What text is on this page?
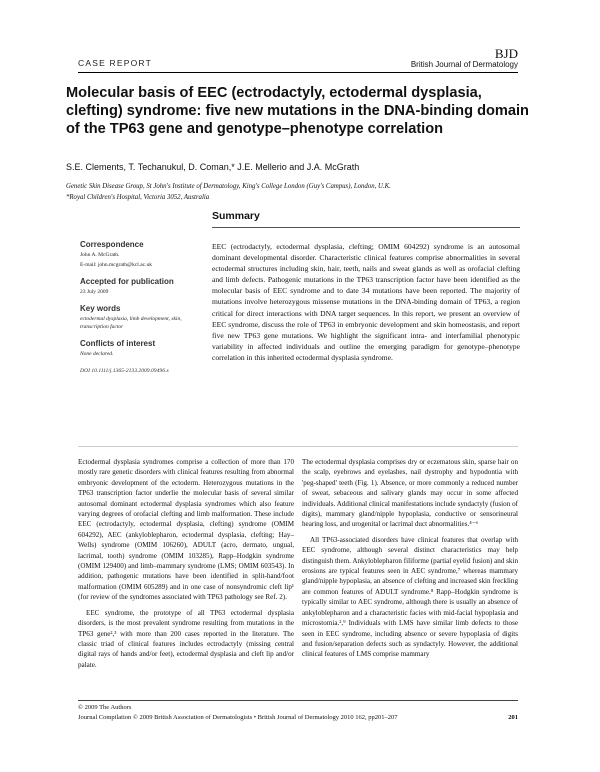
CASE REPORT
BJD
British Journal of Dermatology
Molecular basis of EEC (ectrodactyly, ectodermal dysplasia, clefting) syndrome: five new mutations in the DNA-binding domain of the TP63 gene and genotype–phenotype correlation
S.E. Clements, T. Techanukul, D. Coman,* J.E. Mellerio and J.A. McGrath
Genetic Skin Disease Group, St John's Institute of Dermatology, King's College London (Guy's Campus), London, U.K.
*Royal Children's Hospital, Victoria 3052, Australia
Summary
Correspondence
John A. McGrath.
E-mail: john.mcgrath@kcl.ac.uk
Accepted for publication
23 July 2009
Key words
ectodermal dysplasia, limb development, skin, transcription factor
Conflicts of interest
None declared.
DOI 10.1111/j.1365-2133.2009.09496.x

EEC (ectrodactyly, ectodermal dysplasia, clefting; OMIM 604292) syndrome is an autosomal dominant developmental disorder. Characteristic clinical features comprise abnormalities in several ectodermal structures including skin, hair, teeth, nails and sweat glands as well as orofacial clefting and limb defects. Pathogenic mutations in the TP63 transcription factor have been identified as the molecular basis of EEC syndrome and to date 34 mutations have been reported. The majority of mutations involve heterozygous missense mutations in the DNA-binding domain of TP63, a region critical for direct interactions with DNA target sequences. In this report, we present an overview of EEC syndrome, discuss the role of TP63 in embryonic development and skin homeostasis, and report five new TP63 gene mutations. We highlight the significant intra- and interfamilial phenotypic variability in affected individuals and outline the emerging paradigm for genotype–phenotype correlation in this inherited ectodermal dysplasia syndrome.

Ectodermal dysplasia syndromes comprise a collection of more than 170 mostly rare genetic disorders with clinical features resulting from abnormal embryonic development of the ectoderm. Heterozygous mutations in the TP63 transcription factor underlie the molecular basis of several similar autosomal dominant ectodermal dysplasia syndromes which also feature varying degrees of orofacial clefting and limb malformation. These include EEC (ectrodactyly, ectodermal dysplasia, clefting) syndrome (OMIM 604292), AEC (ankyloblepharon, ectodermal dysplasia, clefting; Hay–Wells) syndrome (OMIM 106260), ADULT (acro, dermato, ungual, lacrimal, tooth) syndrome (OMIM 103285), Rapp–Hodgkin syndrome (OMIM 129400) and limb–mammary syndrome (LMS; OMIM 603543). In addition, pathogenic mutations have been identified in split-hand/foot malformation (OMIM 605289) and in one case of nonsyndromic cleft lip¹ (for review of the syndromes associated with TP63 pathology see Ref. 2).

EEC syndrome, the prototype of all TP63 ectodermal dysplasia disorders, is the most prevalent syndrome resulting from mutations in the TP63 gene²,³ with more than 200 cases reported in the literature. The classic triad of clinical features includes ectrodactyly (missing central digital rays of hands and/or feet), ectodermal dysplasia and cleft lip and/or palate.

The ectodermal dysplasia comprises dry or eczematous skin, sparse hair on the scalp, eyebrows and eyelashes, nail dystrophy and hypodontia with 'peg-shaped' teeth (Fig. 1). Absence, or more commonly a reduced number of sweat, sebaceous and salivary glands may occur in some affected individuals. Additional clinical manifestations include syndactyly (fusion of digits), mammary gland/nipple hypoplasia, conductive or sensorineural hearing loss, and urogenital or lacrimal duct abnormalities.⁴⁻⁶

All TP63-associated disorders have clinical features that overlap with EEC syndrome, although several distinct characteristics may help distinguish them. Ankyloblepharon filiforme (partial eyelid fusion) and skin erosions are typical features seen in AEC syndrome,⁷ whereas mammary gland/nipple hypoplasia, an absence of clefting and increased skin freckling are common features of ADULT syndrome.⁸ Rapp–Hodgkin syndrome is typically similar to AEC syndrome, although there is usually an absence of ankyloblepharon and a characteristic facies with mid-facial hypoplasia and microstomia.²,⁹ Individuals with LMS have similar limb defects to those seen in EEC syndrome, including absence or severe hypoplasia of digits and fusion/separation defects such as syndactyly. However, the additional clinical features of LMS comprise mammary

© 2009 The Authors
Journal Compilation © 2009 British Association of Dermatologists • British Journal of Dermatology 2010 162, pp201–207	201
